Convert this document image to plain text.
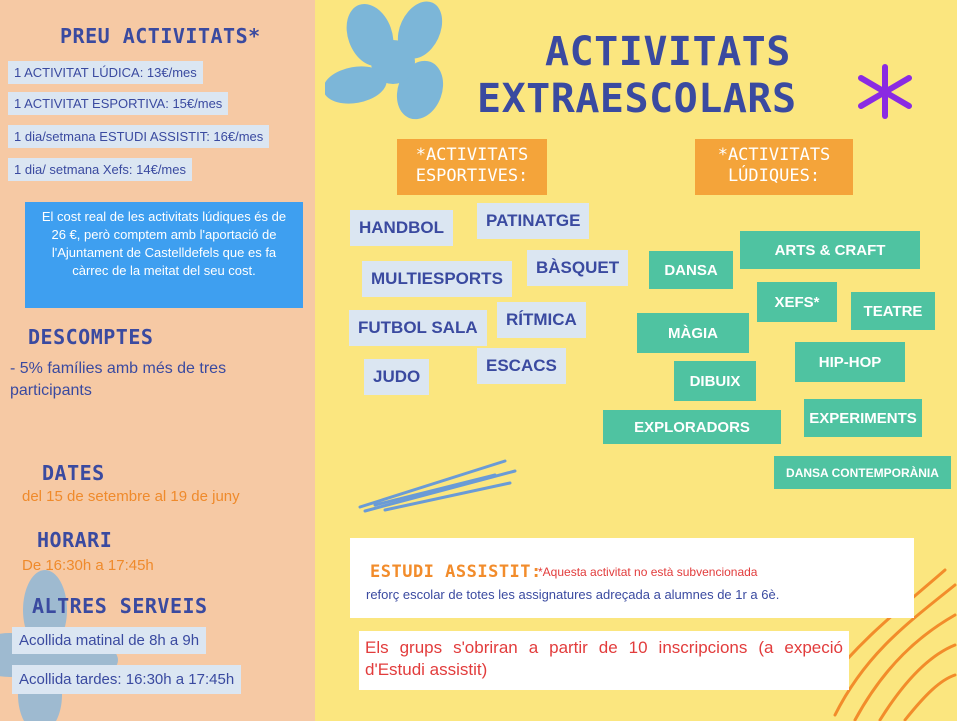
PREU ACTIVITATS*
1 ACTIVITAT LÚDICA: 13€/mes
1 ACTIVITAT ESPORTIVA: 15€/mes
1 dia/setmana ESTUDI ASSISTIT: 16€/mes
1 dia/ setmana Xefs: 14€/mes
El cost real de les activitats lúdiques és de 26 €, però comptem amb l'aportació de l'Ajuntament de Castelldefels que es fa càrrec de la meitat del seu cost.
DESCOMPTES
- 5% famílies amb més de tres participants
DATES
del 15 de setembre al 19 de juny
HORARI
De 16:30h a 17:45h
ALTRES SERVEIS
Acollida matinal de 8h a 9h
Acollida tardes: 16:30h a 17:45h
ACTIVITATS
EXTRAESCOLARS
*ACTIVITATS
ESPORTIVES:
*ACTIVITATS
LÚDIQUES:
HANDBOL	PATINATGE
MULTIESPORTS
BÀSQUET
FUTBOL SALA	RÍTMICA
JUDO
ESCACS
DANSA
ARTS & CRAFT
XEFS*
TEATRE
MÀGIA
HIP-HOP
DIBUIX
EXPERIMENTS
EXPLORADORS
DANSA CONTEMPORÀNIA
ESTUDI ASSISTIT:
*Aquesta activitat no està subvencionada
reforç escolar de totes les assignatures adreçada a alumnes de 1r a 6è.
Els grups s'obriran a partir de 10 inscripcions (a expeció d'Estudi assistit)
